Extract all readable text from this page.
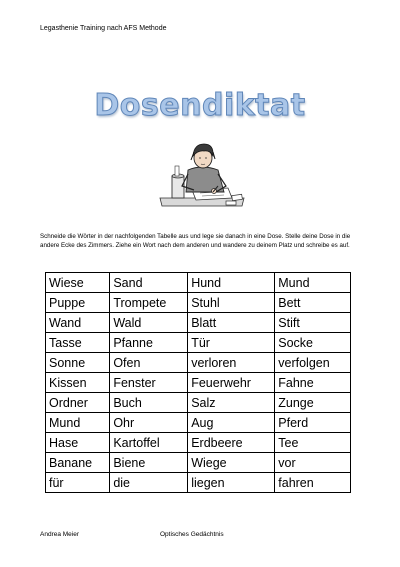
Legasthenie Training nach AFS Methode
Dosendiktat
Schneide die Wörter in der nachfolgenden Tabelle aus und lege sie danach in eine Dose. Stelle deine Dose in die andere Ecke des Zimmers. Ziehe ein Wort nach dem anderen und wandere zu deinem Platz und schreibe es auf.
Wiese	Sand	Hund	Mund
Puppe	Trompete	Stuhl	Bett
Wand	Wald	Blatt	Stift
Tasse	Pfanne	Tür	Socke
Sonne	Ofen	verloren	verfolgen
Kissen	Fenster	Feuerwehr	Fahne
Ordner	Buch	Salz	Zunge
Mund	Ohr	Aug	Pferd
Hase	Kartoffel	Erdbeere	Tee
Banane	Biene	Wiege	vor
für	die	liegen	fahren
Andrea Meier	Optisches Gedächtnis
